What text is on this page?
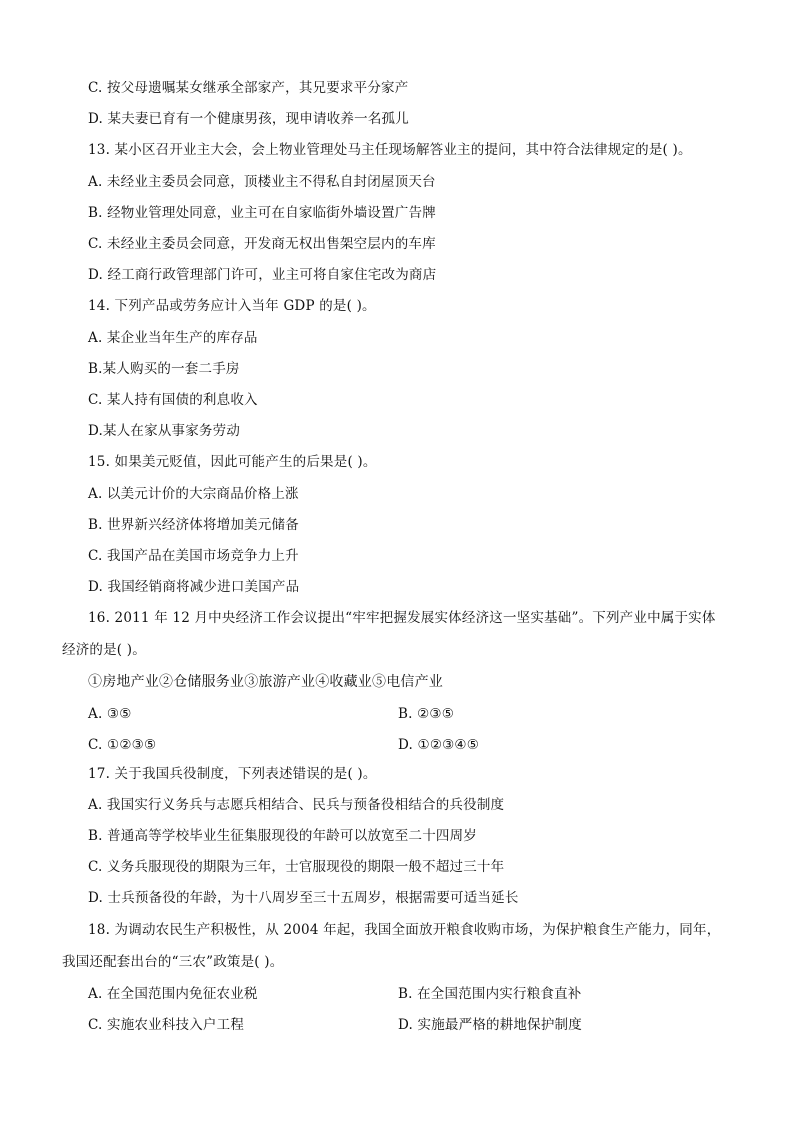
C. 按父母遗嘱某女继承全部家产，其兄要求平分家产
D. 某夫妻已育有一个健康男孩，现申请收养一名孤儿
13. 某小区召开业主大会，会上物业管理处马主任现场解答业主的提问，其中符合法律规定的是( )。
A. 未经业主委员会同意，顶楼业主不得私自封闭屋顶天台
B. 经物业管理处同意，业主可在自家临街外墙设置广告牌
C. 未经业主委员会同意，开发商无权出售架空层内的车库
D. 经工商行政管理部门许可，业主可将自家住宅改为商店
14. 下列产品或劳务应计入当年 GDP 的是( )。
A. 某企业当年生产的库存品
B.某人购买的一套二手房
C. 某人持有国债的利息收入
D.某人在家从事家务劳动
15. 如果美元贬值，因此可能产生的后果是( )。
A. 以美元计价的大宗商品价格上涨
B. 世界新兴经济体将增加美元储备
C. 我国产品在美国市场竞争力上升
D. 我国经销商将减少进口美国产品
16. 2011 年 12 月中央经济工作会议提出“牢牢把握发展实体经济这一坚实基础”。下列产业中属于实体
经济的是( )。
①房地产业②仓储服务业③旅游产业④收藏业⑤电信产业
A. ③⑤	B. ②③⑤
C. ①②③⑤	D. ①②③④⑤
17. 关于我国兵役制度，下列表述错误的是( )。
A. 我国实行义务兵与志愿兵相结合、民兵与预备役相结合的兵役制度
B. 普通高等学校毕业生征集服现役的年龄可以放宽至二十四周岁
C. 义务兵服现役的期限为三年，士官服现役的期限一般不超过三十年
D. 士兵预备役的年龄，为十八周岁至三十五周岁，根据需要可适当延长
18. 为调动农民生产积极性，从 2004 年起，我国全面放开粮食收购市场，为保护粮食生产能力，同年，
我国还配套出台的“三农”政策是( )。
A. 在全国范围内免征农业税	B. 在全国范围内实行粮食直补
C. 实施农业科技入户工程	D. 实施最严格的耕地保护制度
